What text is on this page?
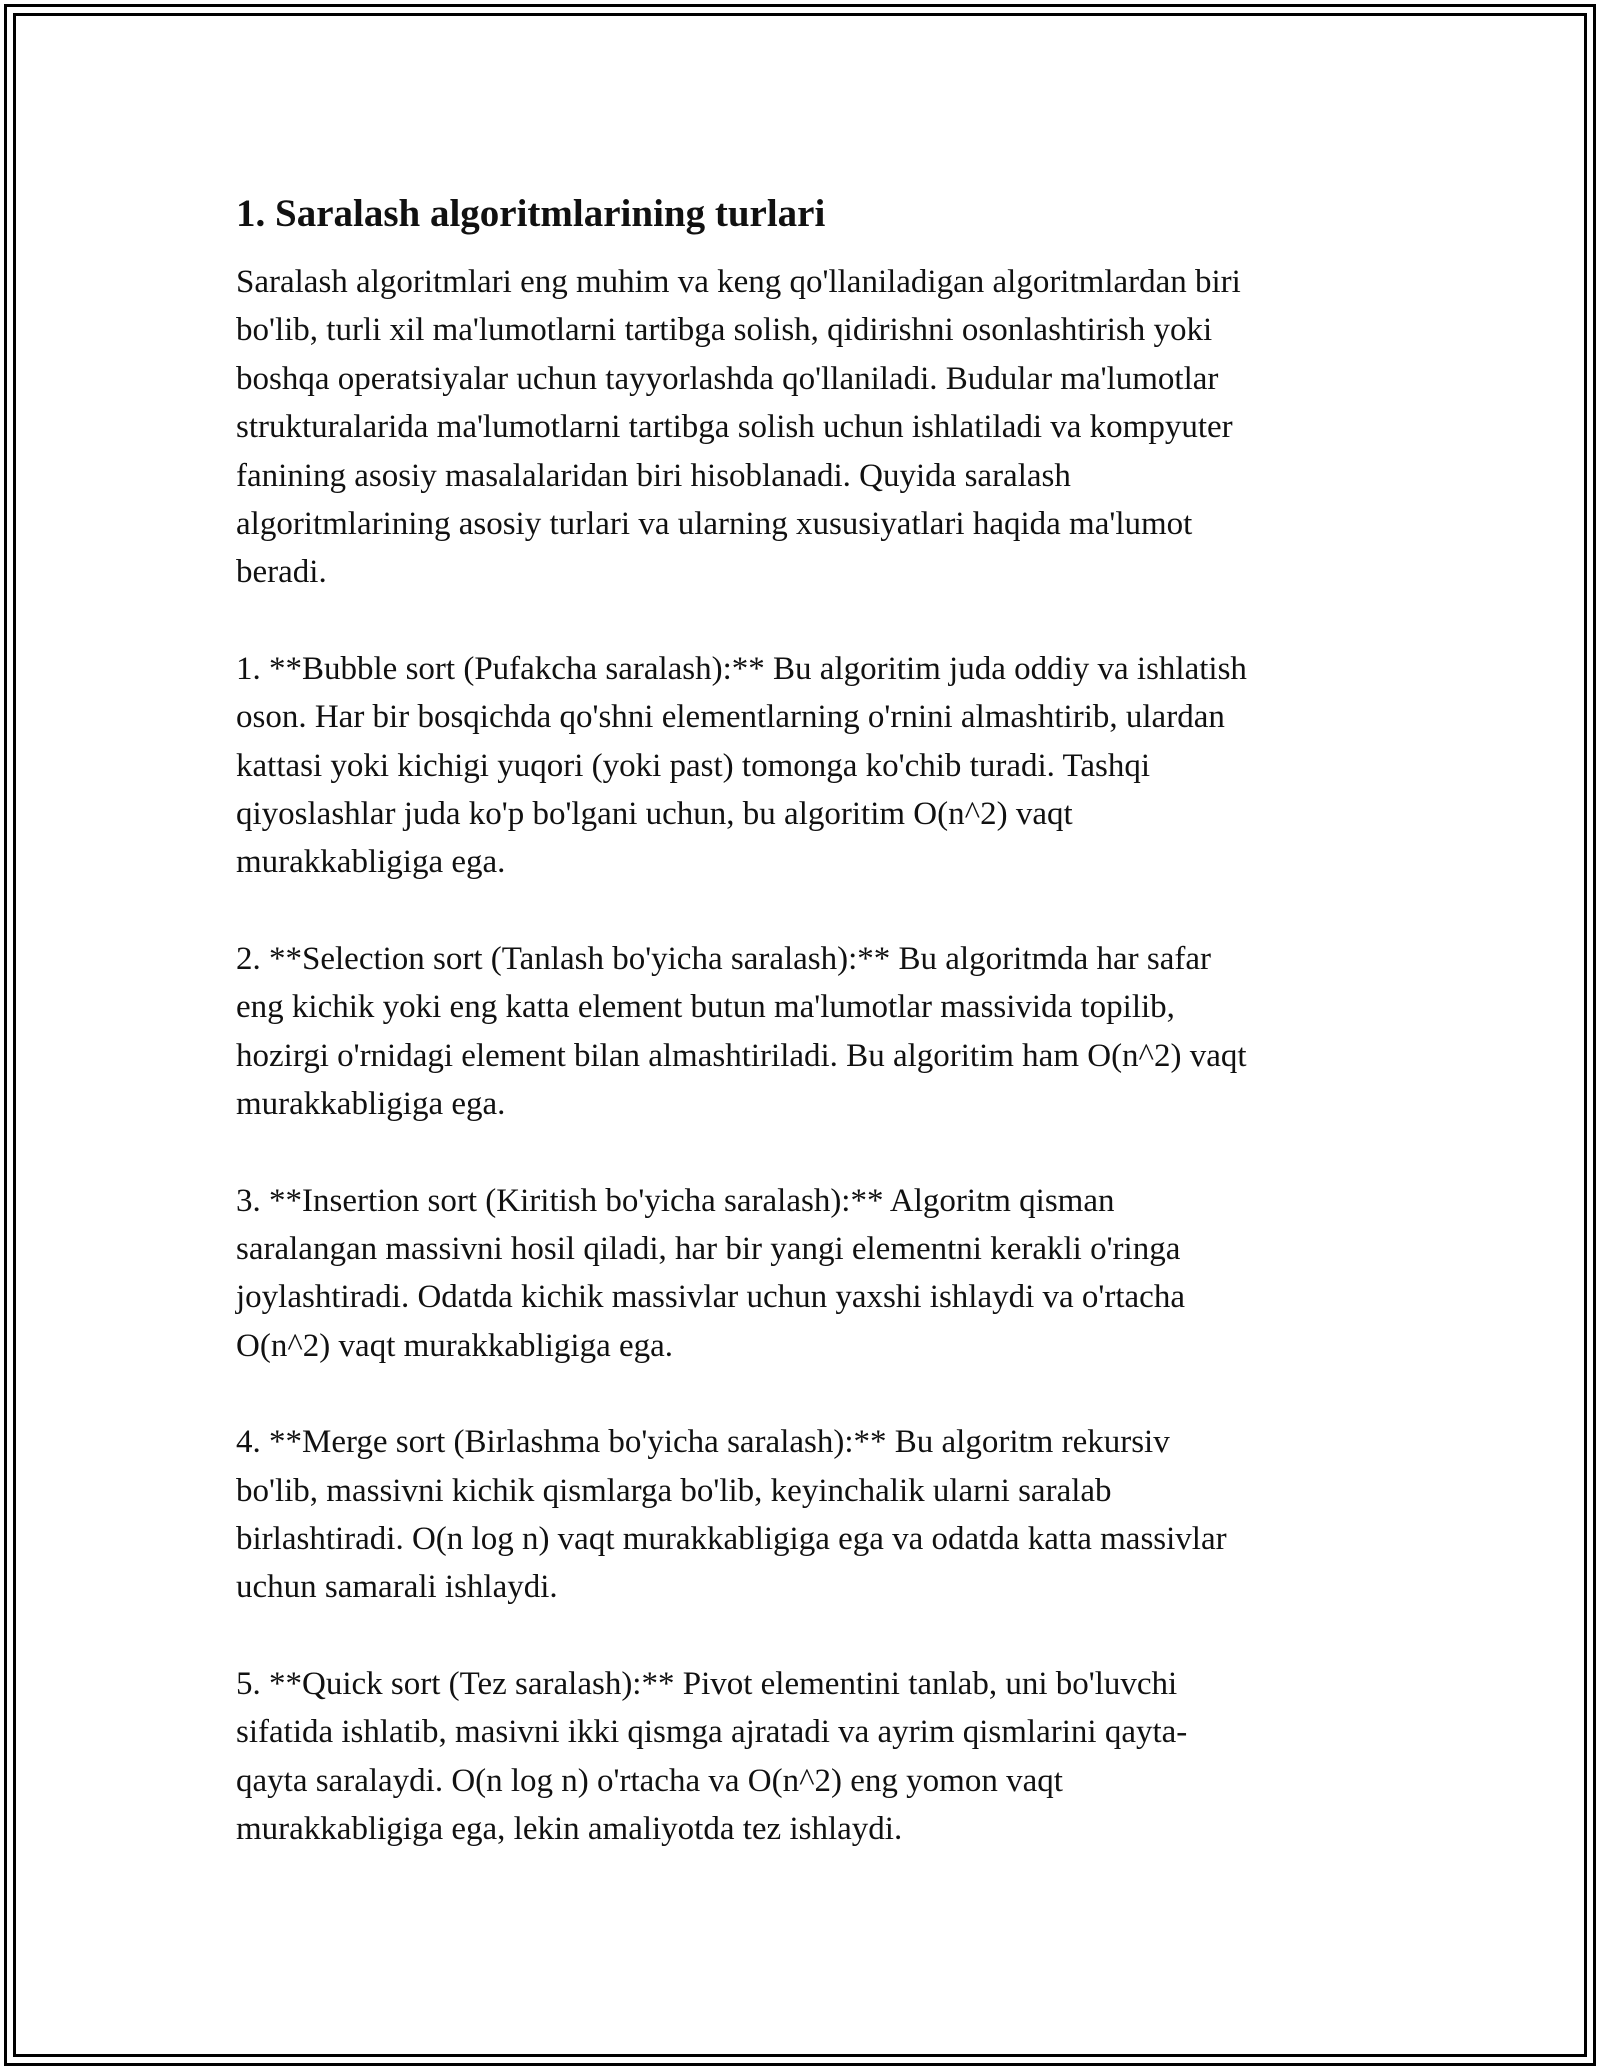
1. Saralash algoritmlarining turlari

Saralash algoritmlari eng muhim va keng qo'llaniladigan algoritmlardan biri
bo'lib, turli xil ma'lumotlarni tartibga solish, qidirishni osonlashtirish yoki
boshqa operatsiyalar uchun tayyorlashda qo'llaniladi. Budular ma'lumotlar
strukturalarida ma'lumotlarni tartibga solish uchun ishlatiladi va kompyuter
fanining asosiy masalalaridan biri hisoblanadi. Quyida saralash
algoritmlarining asosiy turlari va ularning xususiyatlari haqida ma'lumot
beradi.

1. **Bubble sort (Pufakcha saralash):** Bu algoritim juda oddiy va ishlatish
oson. Har bir bosqichda qo'shni elementlarning o'rnini almashtirib, ulardan
kattasi yoki kichigi yuqori (yoki past) tomonga ko'chib turadi. Tashqi
qiyoslashlar juda ko'p bo'lgani uchun, bu algoritim O(n^2) vaqt
murakkabligiga ega.

2. **Selection sort (Tanlash bo'yicha saralash):** Bu algoritmda har safar
eng kichik yoki eng katta element butun ma'lumotlar massivida topilib,
hozirgi o'rnidagi element bilan almashtiriladi. Bu algoritim ham O(n^2) vaqt
murakkabligiga ega.

3. **Insertion sort (Kiritish bo'yicha saralash):** Algoritm qisman
saralangan massivni hosil qiladi, har bir yangi elementni kerakli o'ringa
joylashtiradi. Odatda kichik massivlar uchun yaxshi ishlaydi va o'rtacha
O(n^2) vaqt murakkabligiga ega.

4. **Merge sort (Birlashma bo'yicha saralash):** Bu algoritm rekursiv
bo'lib, massivni kichik qismlarga bo'lib, keyinchalik ularni saralab
birlashtiradi. O(n log n) vaqt murakkabligiga ega va odatda katta massivlar
uchun samarali ishlaydi.

5. **Quick sort (Tez saralash):** Pivot elementini tanlab, uni bo'luvchi
sifatida ishlatib, masivni ikki qismga ajratadi va ayrim qismlarini qayta-
qayta saralaydi. O(n log n) o'rtacha va O(n^2) eng yomon vaqt
murakkabligiga ega, lekin amaliyotda tez ishlaydi.
